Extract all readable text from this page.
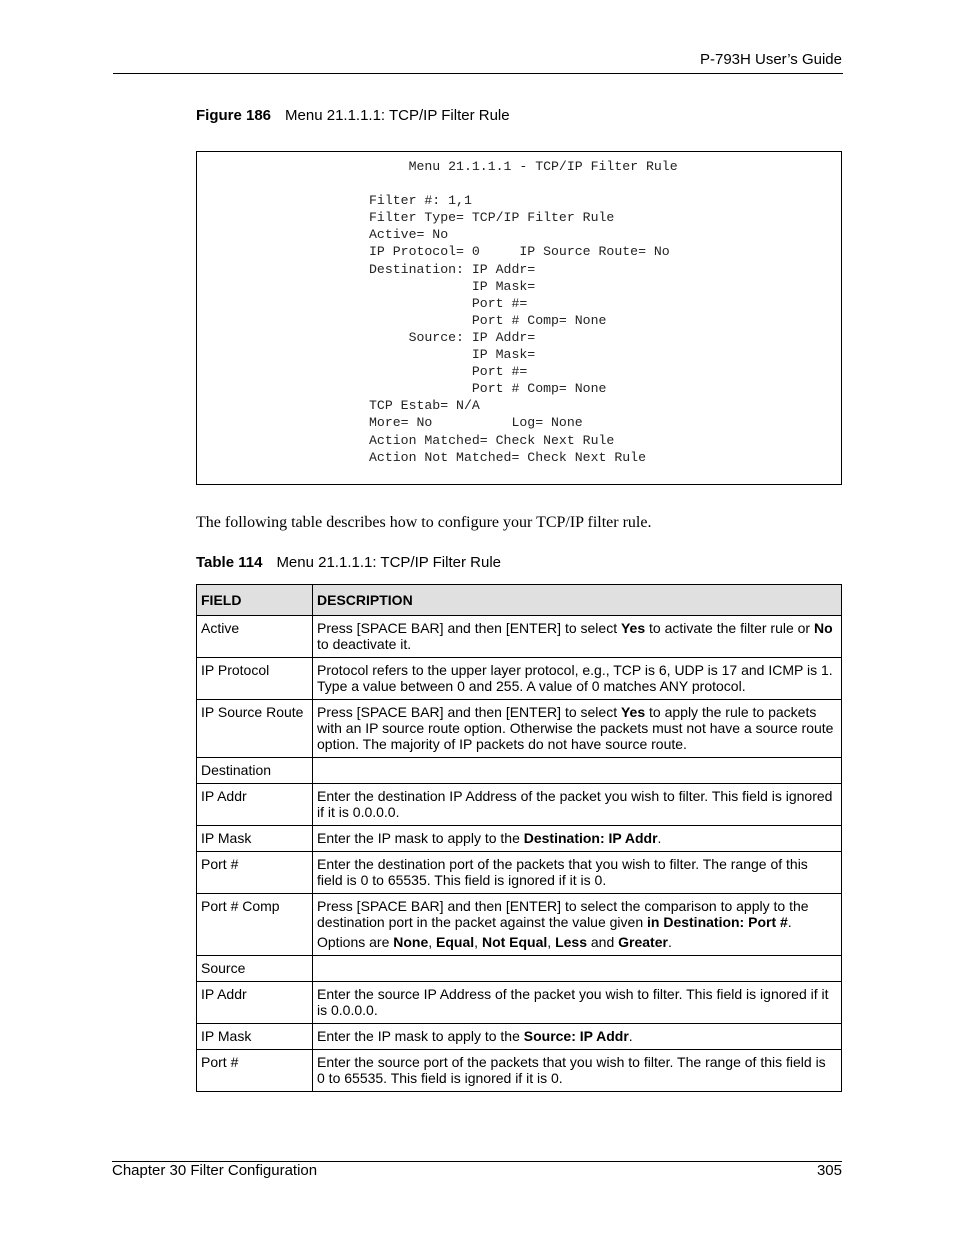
P-793H User’s Guide
Figure 186 Menu 21.1.1.1: TCP/IP Filter Rule
Menu 21.1.1.1 - TCP/IP Filter Rule

Filter #: 1,1
Filter Type= TCP/IP Filter Rule
Active= No
IP Protocol= 0     IP Source Route= No
Destination: IP Addr=
IP Mask=
Port #=
Port # Comp= None
Source: IP Addr=
IP Mask=
Port #=
Port # Comp= None
TCP Estab= N/A
More= No          Log= None
Action Matched= Check Next Rule
Action Not Matched= Check Next Rule

The following table describes how to configure your TCP/IP filter rule.
Table 114 Menu 21.1.1.1: TCP/IP Filter Rule
FIELD	DESCRIPTION
Active	Press [SPACE BAR] and then [ENTER] to select Yes to activate the filter rule or No to deactivate it.

IP Protocol	Protocol refers to the upper layer protocol, e.g., TCP is 6, UDP is 17 and ICMP is 1. Type a value between 0 and 255. A value of 0 matches ANY protocol.

IP Source Route	Press [SPACE BAR] and then [ENTER] to select Yes to apply the rule to packets with an IP source route option. Otherwise the packets must not have a source route option. The majority of IP packets do not have source route.

Destination	
IP Addr	Enter the destination IP Address of the packet you wish to filter. This field is ignored if it is 0.0.0.0.

IP Mask	Enter the IP mask to apply to the Destination: IP Addr.

Port #	Enter the destination port of the packets that you wish to filter. The range of this field is 0 to 65535. This field is ignored if it is 0.

Port # Comp	Press [SPACE BAR] and then [ENTER] to select the comparison to apply to the destination port in the packet against the value given in Destination: Port #.

Options are None, Equal, Not Equal, Less and Greater.

Source	
IP Addr	Enter the source IP Address of the packet you wish to filter. This field is ignored if it is 0.0.0.0.

IP Mask	Enter the IP mask to apply to the Source: IP Addr.

Port #	Enter the source port of the packets that you wish to filter. The range of this field is 0 to 65535. This field is ignored if it is 0.

Chapter 30 Filter Configuration	305
